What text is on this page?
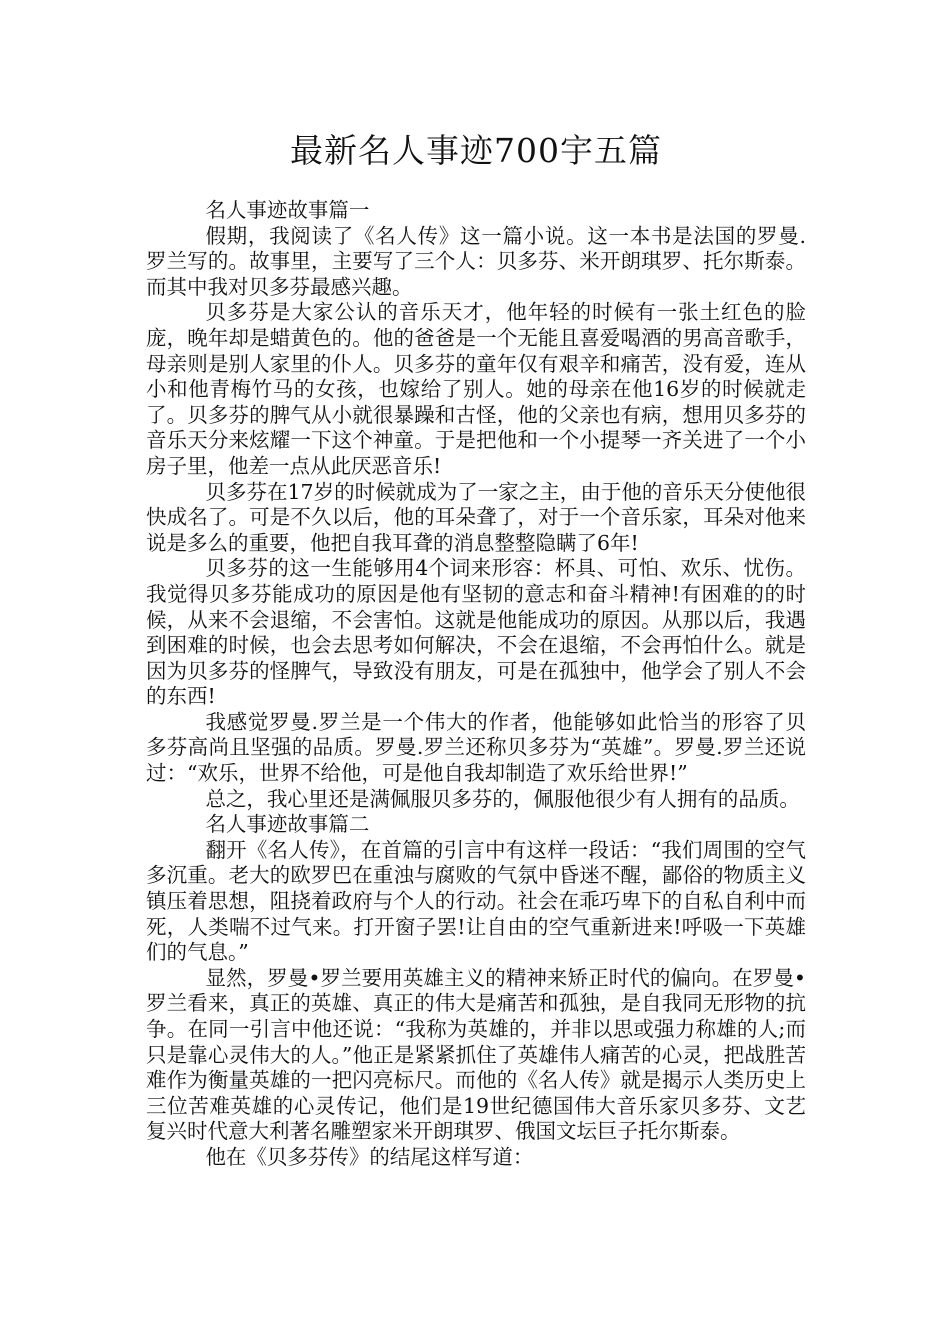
最新名人事迹700宇五篇

名人事迹故事篇一

假期，我阅读了《名人传》这一篇小说。这一本书是法国的罗曼.罗兰写的。故事里，主要写了三个人：贝多芬、米开朗琪罗、托尔斯泰。而其中我对贝多芬最感兴趣。

贝多芬是大家公认的音乐天才，他年轻的时候有一张土红色的脸庞，晚年却是蜡黄色的。他的爸爸是一个无能且喜爱喝酒的男高音歌手，母亲则是别人家里的仆人。贝多芬的童年仅有艰辛和痛苦，没有爱，连从小和他青梅竹马的女孩，也嫁给了别人。她的母亲在他16岁的时候就走了。贝多芬的脾气从小就很暴躁和古怪，他的父亲也有病，想用贝多芬的音乐天分来炫耀一下这个神童。于是把他和一个小提琴一齐关进了一个小房子里，他差一点从此厌恶音乐!

贝多芬在17岁的时候就成为了一家之主，由于他的音乐天分使他很快成名了。可是不久以后，他的耳朵聋了，对于一个音乐家，耳朵对他来说是多么的重要，他把自我耳聋的消息整整隐瞒了6年!

贝多芬的这一生能够用4个词来形容：杯具、可怕、欢乐、忧伤。我觉得贝多芬能成功的原因是他有坚韧的意志和奋斗精神!有困难的的时候，从来不会退缩，不会害怕。这就是他能成功的原因。从那以后，我遇到困难的时候，也会去思考如何解决，不会在退缩，不会再怕什么。就是因为贝多芬的怪脾气，导致没有朋友，可是在孤独中，他学会了别人不会的东西!

我感觉罗曼.罗兰是一个伟大的作者，他能够如此恰当的形容了贝多芬高尚且坚强的品质。罗曼.罗兰还称贝多芬为“英雄”。罗曼.罗兰还说过：“欢乐，世界不给他，可是他自我却制造了欢乐给世界!”

总之，我心里还是满佩服贝多芬的，佩服他很少有人拥有的品质。

名人事迹故事篇二

翻开《名人传》，在首篇的引言中有这样一段话：“我们周围的空气多沉重。老大的欧罗巴在重浊与腐败的气氛中昏迷不醒，鄙俗的物质主义镇压着思想，阻挠着政府与个人的行动。社会在乖巧卑下的自私自利中而死，人类喘不过气来。打开窗子罢!让自由的空气重新进来!呼吸一下英雄们的气息。”

显然，罗曼•罗兰要用英雄主义的精神来矫正时代的偏向。在罗曼•罗兰看来，真正的英雄、真正的伟大是痛苦和孤独，是自我同无形物的抗争。在同一引言中他还说：“我称为英雄的，并非以思或强力称雄的人;而只是靠心灵伟大的人。”他正是紧紧抓住了英雄伟人痛苦的心灵，把战胜苦难作为衡量英雄的一把闪亮标尺。而他的《名人传》就是揭示人类历史上三位苦难英雄的心灵传记，他们是19世纪德国伟大音乐家贝多芬、文艺复兴时代意大利著名雕塑家米开朗琪罗、俄国文坛巨子托尔斯泰。

他在《贝多芬传》的结尾这样写道：
